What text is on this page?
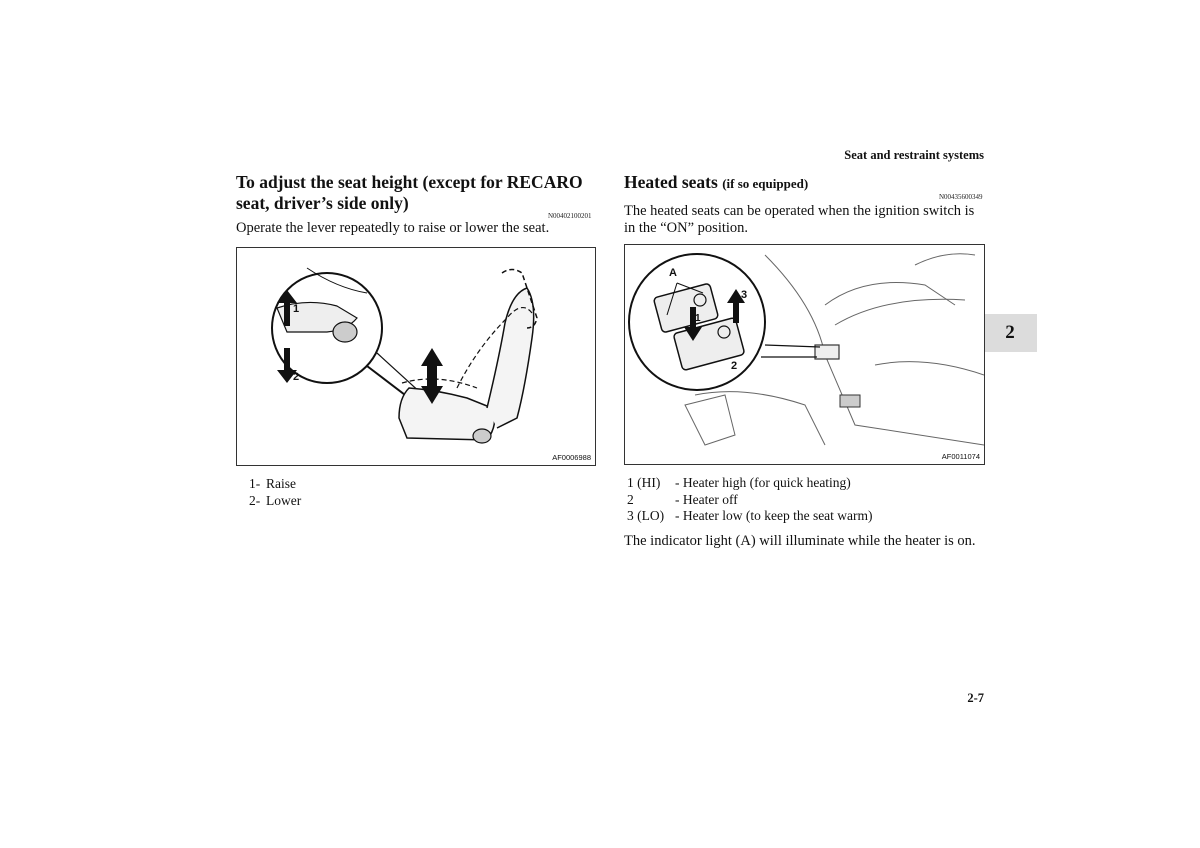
Seat and restraint systems
2
To adjust the seat height (except for RECARO seat, driver’s side only)
N00402100201
Operate the lever repeatedly to raise or lower the seat.
1
2
AF0006988
1- Raise
2- Lower
Heated seats (if so equipped)
N00435600349
The heated seats can be operated when the ignition switch is in the “ON” position.
A
3
1
2
AF0011074
1 (HI)	- Heater high (for quick heating)
2	- Heater off
3 (LO) - Heater low (to keep the seat warm)
The indicator light (A) will illuminate while the heater is on.
2-7
